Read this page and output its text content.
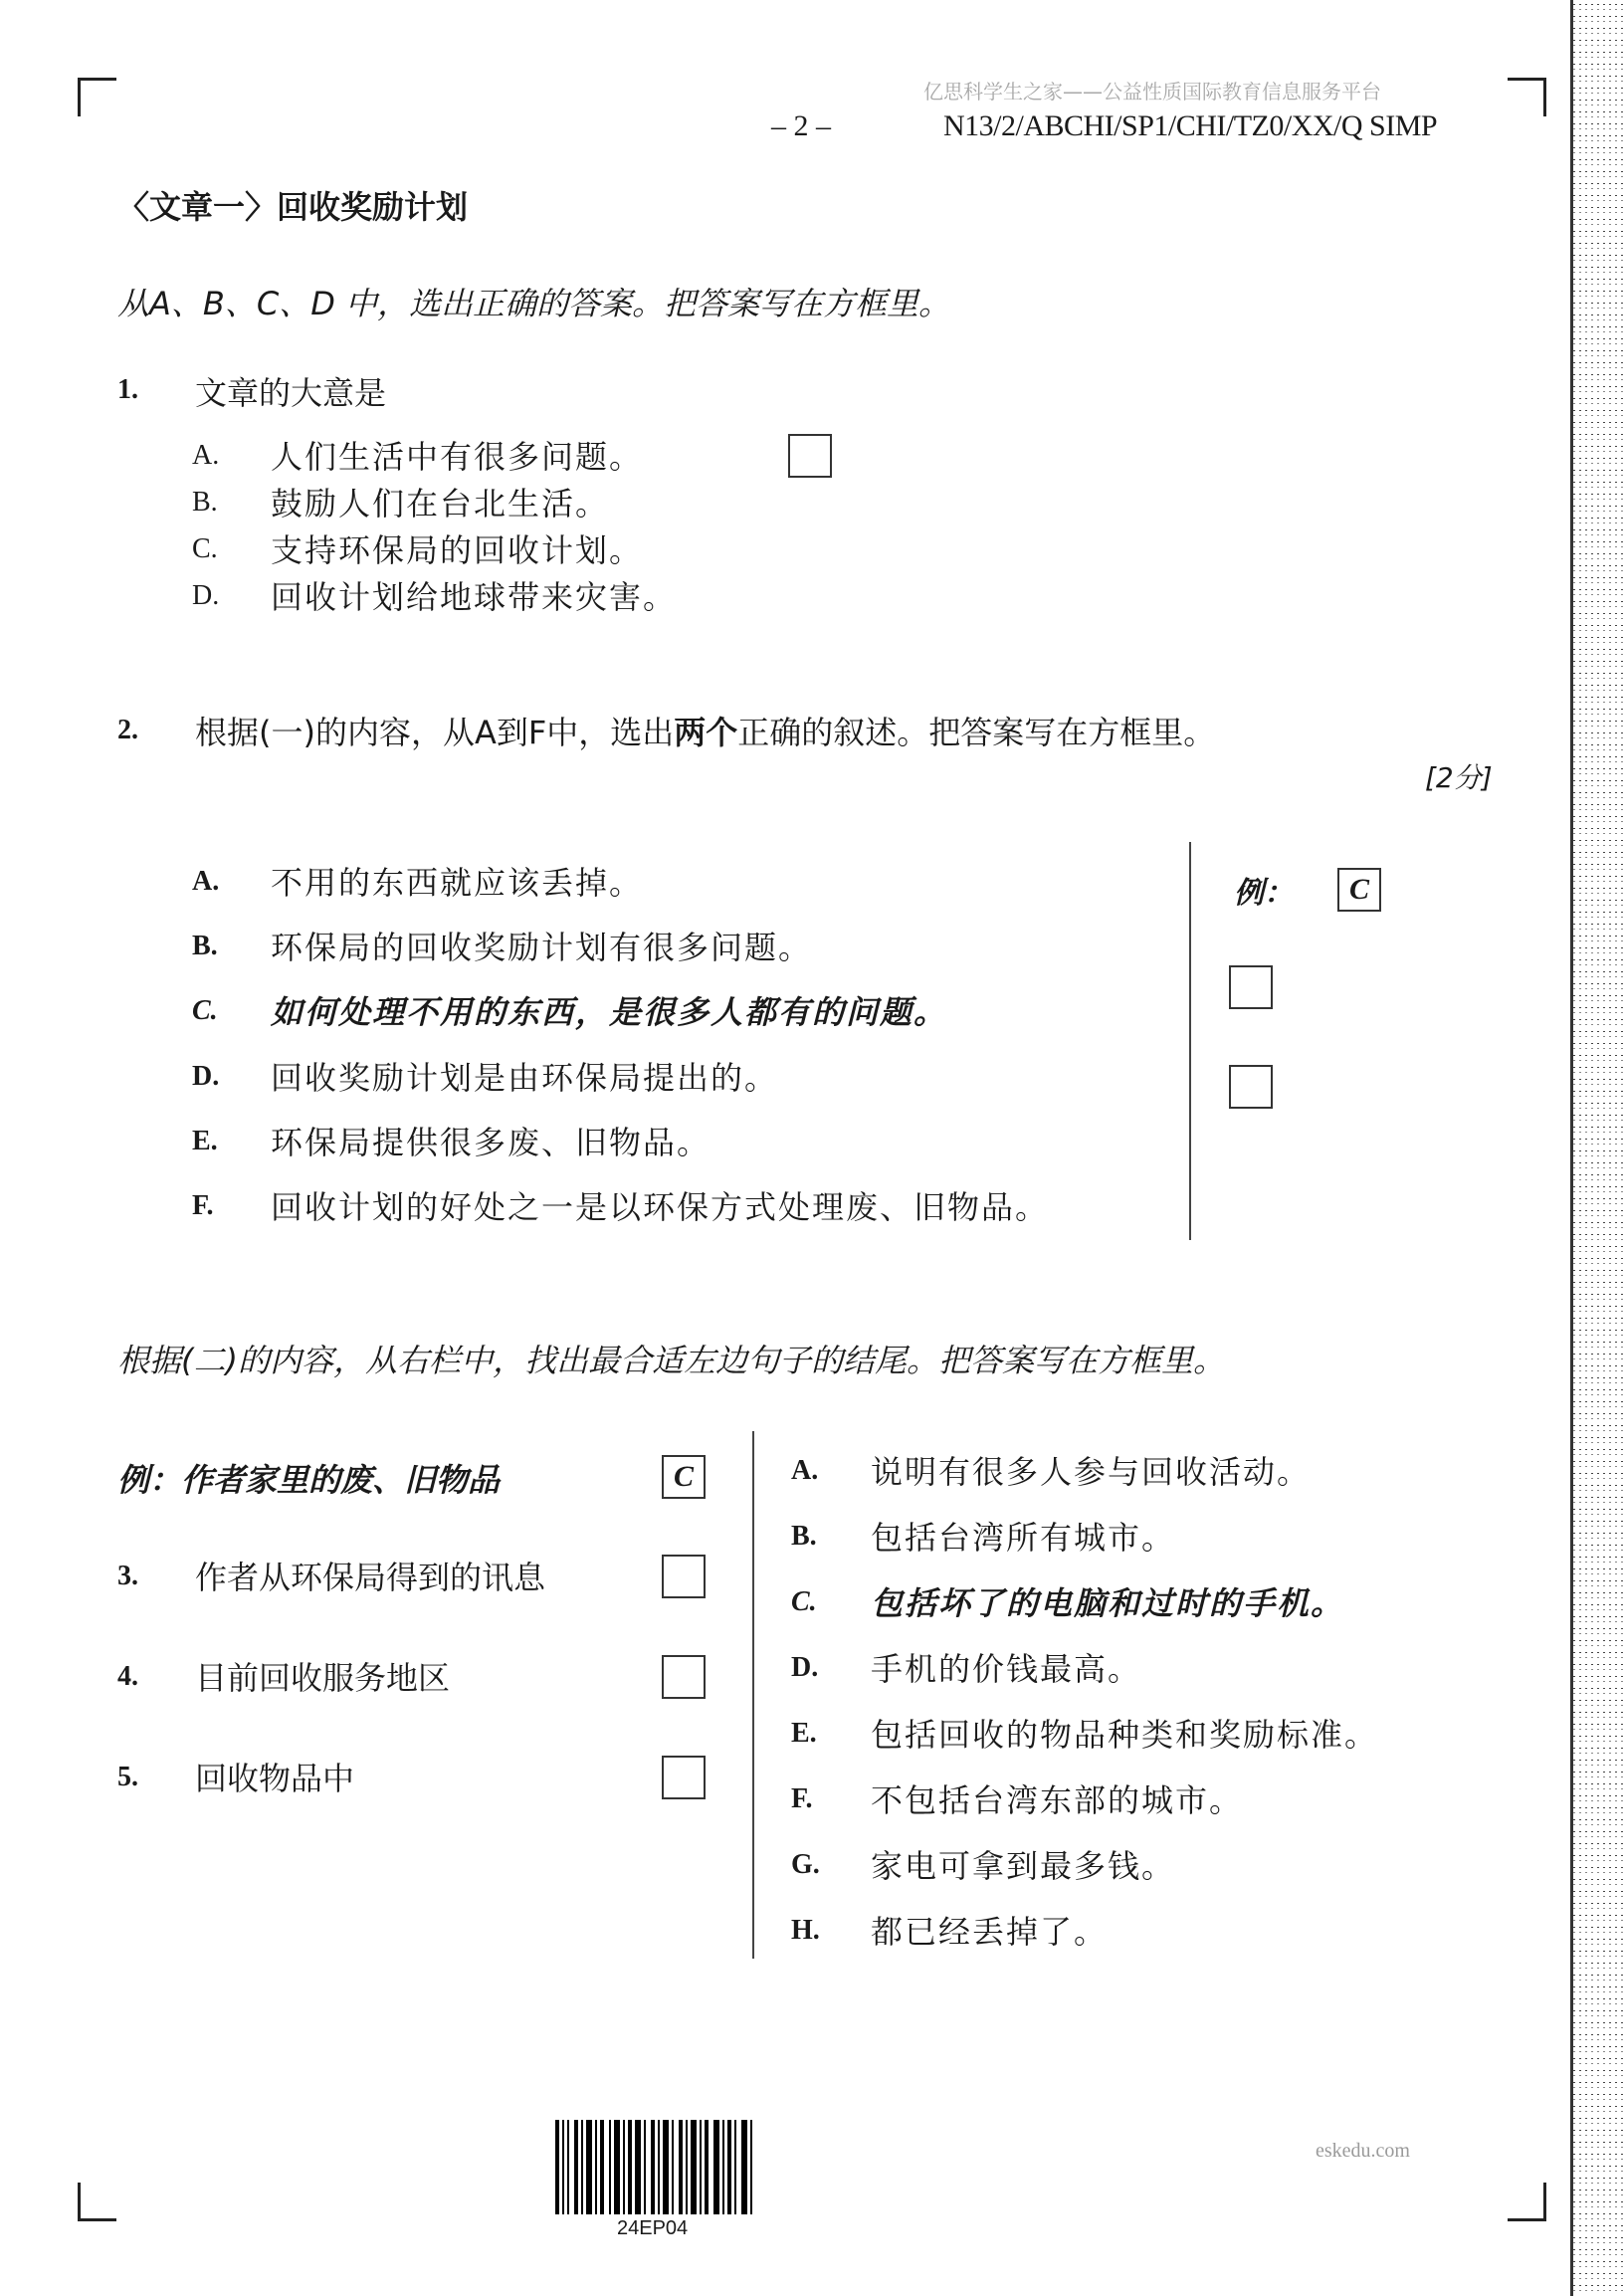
亿思科学生之家——公益性质国际教育信息服务平台
– 2 –	N13/2/ABCHI/SP1/CHI/TZ0/XX/Q SIMP
〈文章一〉回收奖励计划
从A、B、C、D 中，选出正确的答案。把答案写在方框里。
1. 文章的大意是
A. 人们生活中有很多问题。
B. 鼓励人们在台北生活。
C. 支持环保局的回收计划。
D. 回收计划给地球带来灾害。
2. 根据(一)的内容，从A到F中，选出两个正确的叙述。把答案写在方框里。
[2分]
A. 不用的东西就应该丢掉。
B. 环保局的回收奖励计划有很多问题。
C. 如何处理不用的东西，是很多人都有的问题。
D. 回收奖励计划是由环保局提出的。
E. 环保局提供很多废、旧物品。
F. 回收计划的好处之一是以环保方式处理废、旧物品。
例：	C
根据(二)的内容，从右栏中，找出最合适左边句子的结尾。把答案写在方框里。
例：作者家里的废、旧物品	C
3. 作者从环保局得到的讯息
4. 目前回收服务地区
5. 回收物品中
A. 说明有很多人参与回收活动。
B. 包括台湾所有城市。
C. 包括坏了的电脑和过时的手机。
D. 手机的价钱最高。
E. 包括回收的物品种类和奖励标准。
F. 不包括台湾东部的城市。
G. 家电可拿到最多钱。
H. 都已经丢掉了。
24EP04
eskedu.com
